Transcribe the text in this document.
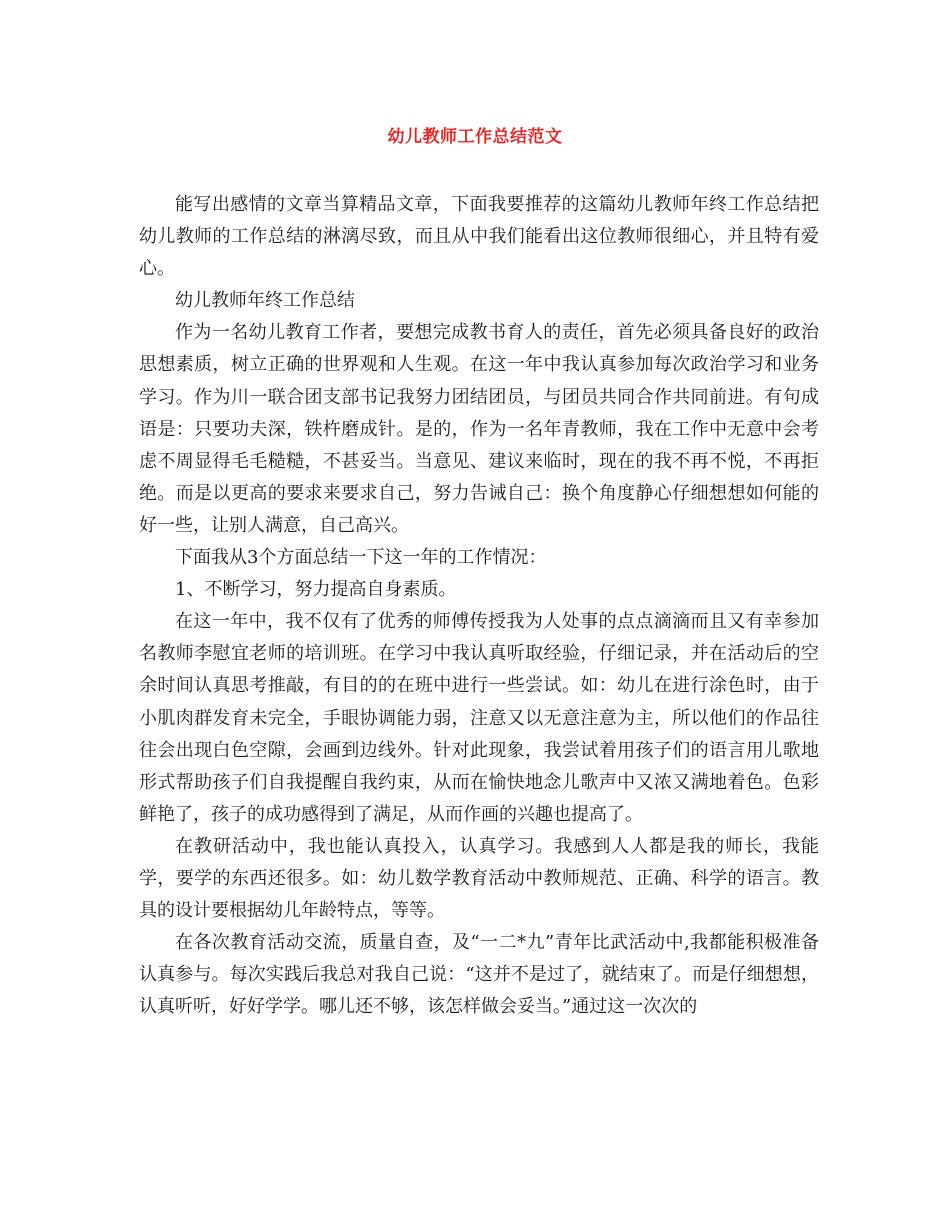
幼儿教师工作总结范文

能写出感情的文章当算精品文章，下面我要推荐的这篇幼儿教师年终工作总结把幼儿教师的工作总结的淋漓尽致，而且从中我们能看出这位教师很细心，并且特有爱心。

幼儿教师年终工作总结

作为一名幼儿教育工作者，要想完成教书育人的责任，首先必须具备良好的政治思想素质，树立正确的世界观和人生观。在这一年中我认真参加每次政治学习和业务学习。作为川一联合团支部书记我努力团结团员，与团员共同合作共同前进。有句成语是：只要功夫深，铁杵磨成针。是的，作为一名年青教师，我在工作中无意中会考虑不周显得毛毛糙糙，不甚妥当。当意见、建议来临时，现在的我不再不悦，不再拒绝。而是以更高的要求来要求自己，努力告诫自己：换个角度静心仔细想想如何能的好一些，让别人满意，自己高兴。

下面我从3个方面总结一下这一年的工作情况：

1、不断学习，努力提高自身素质。

在这一年中，我不仅有了优秀的师傅传授我为人处事的点点滴滴而且又有幸参加名教师李慰宜老师的培训班。在学习中我认真听取经验，仔细记录，并在活动后的空余时间认真思考推敲，有目的的在班中进行一些尝试。如：幼儿在进行涂色时，由于小肌肉群发育未完全，手眼协调能力弱，注意又以无意注意为主，所以他们的作品往往会出现白色空隙，会画到边线外。针对此现象，我尝试着用孩子们的语言用儿歌地形式帮助孩子们自我提醒自我约束，从而在愉快地念儿歌声中又浓又满地着色。色彩鲜艳了，孩子的成功感得到了满足，从而作画的兴趣也提高了。

在教研活动中，我也能认真投入，认真学习。我感到人人都是我的师长，我能学，要学的东西还很多。如：幼儿数学教育活动中教师规范、正确、科学的语言。教具的设计要根据幼儿年龄特点，等等。

在各次教育活动交流，质量自查，及“一二*九”青年比武活动中,我都能积极准备认真参与。每次实践后我总对我自己说：“这并不是过了，就结束了。而是仔细想想，认真听听，好好学学。哪儿还不够，该怎样做会妥当。”通过这一次次的
